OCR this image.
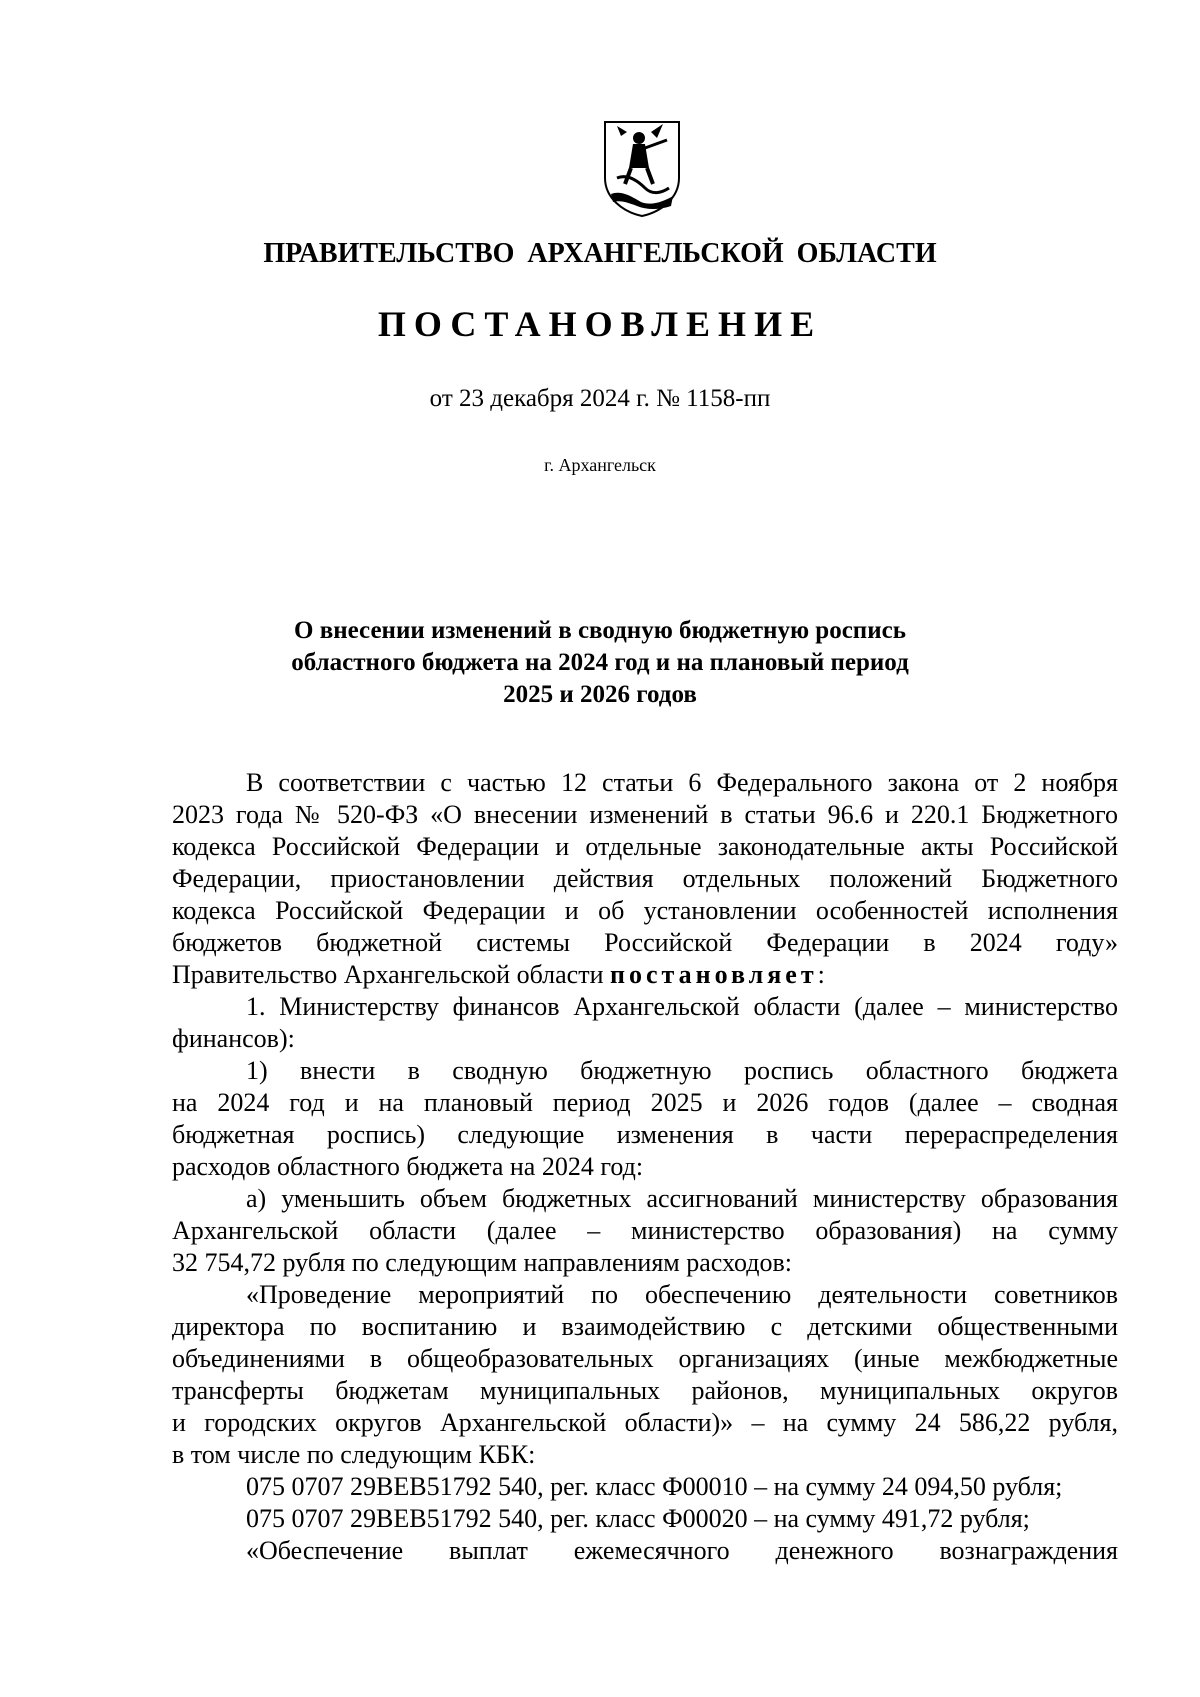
ПРАВИТЕЛЬСТВО АРХАНГЕЛЬСКОЙ ОБЛАСТИ
ПОСТАНОВЛЕНИЕ
от 23 декабря 2024 г. № 1158-пп
г. Архангельск
О внесении изменений в сводную бюджетную роспись
областного бюджета на 2024 год и на плановый период
2025 и 2026 годов
В соответствии с частью 12 статьи 6 Федерального закона от 2 ноября
2023 года № 520-ФЗ «О внесении изменений в статьи 96.6 и 220.1 Бюджетного
кодекса Российской Федерации и отдельные законодательные акты Российской
Федерации, приостановлении действия отдельных положений Бюджетного
кодекса Российской Федерации и об установлении особенностей исполнения
бюджетов бюджетной системы Российской Федерации в 2024 году»
Правительство Архангельской области постановляет:
1. Министерству финансов Архангельской области (далее – министерство
финансов):
1) внести в сводную бюджетную роспись областного бюджета
на 2024 год и на плановый период 2025 и 2026 годов (далее – сводная
бюджетная роспись) следующие изменения в части перераспределения
расходов областного бюджета на 2024 год:
а) уменьшить объем бюджетных ассигнований министерству образования
Архангельской области (далее – министерство образования) на сумму
32 754,72 рубля по следующим направлениям расходов:
«Проведение мероприятий по обеспечению деятельности советников
директора по воспитанию и взаимодействию с детскими общественными
объединениями в общеобразовательных организациях (иные межбюджетные
трансферты бюджетам муниципальных районов, муниципальных округов
и городских округов Архангельской области)» – на сумму 24 586,22 рубля,
в том числе по следующим КБК:
075 0707 29ВЕВ51792 540, рег. класс Ф00010 – на сумму 24 094,50 рубля;
075 0707 29ВЕВ51792 540, рег. класс Ф00020 – на сумму 491,72 рубля;
«Обеспечение выплат ежемесячного денежного вознаграждения
